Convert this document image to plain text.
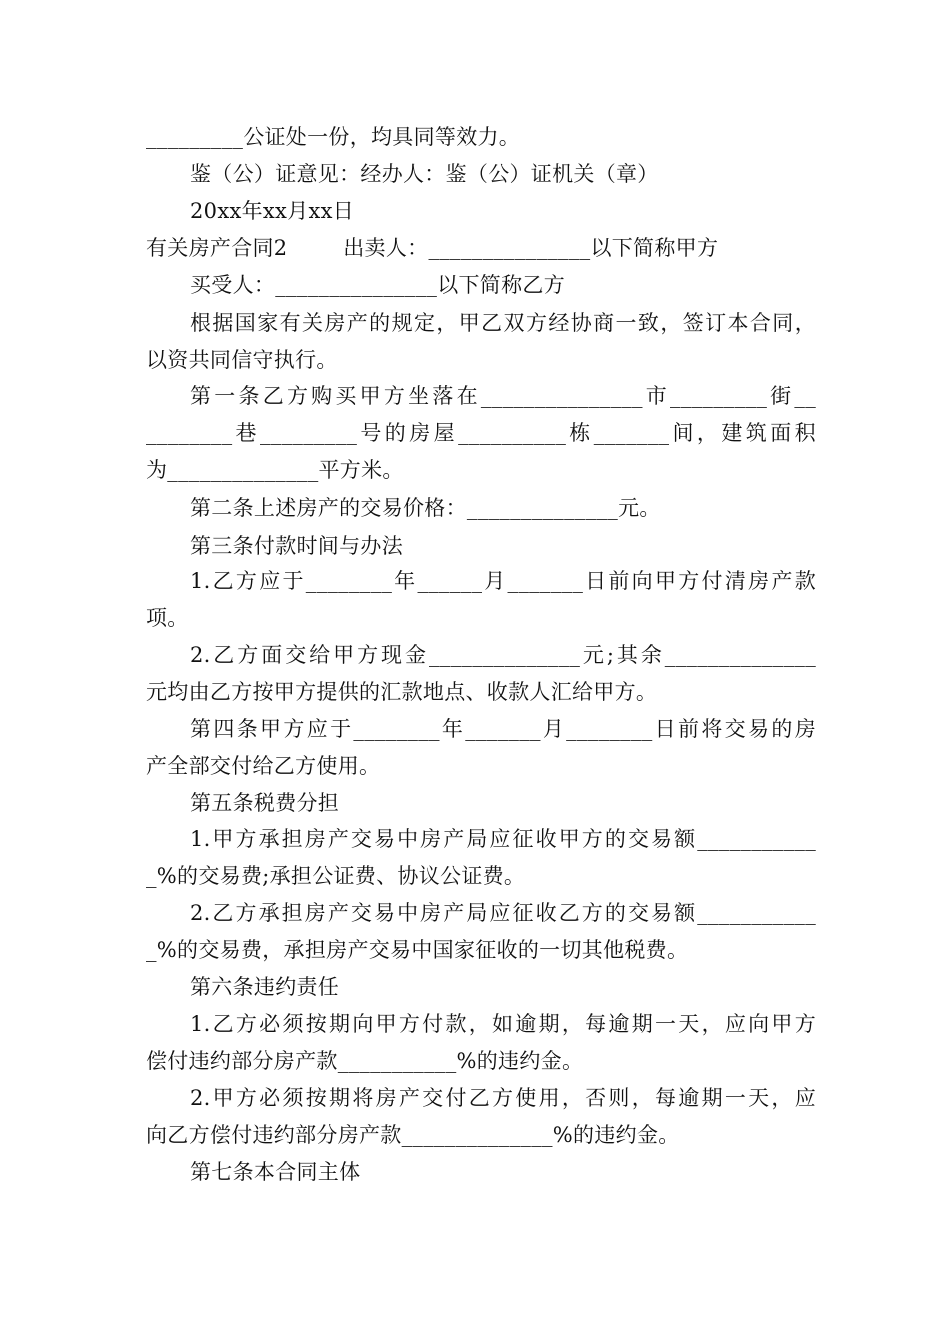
_________公证处一份，均具同等效力。
鉴（公）证意见：经办人：鉴（公）证机关（章）
20xx年xx月xx日
有关房产合同2        出卖人：_______________以下简称甲方
买受人：_______________以下简称乙方
根据国家有关房产的规定，甲乙双方经协商一致，签订本合同，
以资共同信守执行。
第一条乙方购买甲方坐落在_______________市_________街__
________巷_________号的房屋__________栋_______间，建筑面积
为______________平方米。
第二条上述房产的交易价格：______________元。
第三条付款时间与办法
1.乙方应于________年______月_______日前向甲方付清房产款
项。
2.乙方面交给甲方现金______________元;其余______________
元均由乙方按甲方提供的汇款地点、收款人汇给甲方。
第四条甲方应于________年_______月________日前将交易的房
产全部交付给乙方使用。
第五条税费分担
1.甲方承担房产交易中房产局应征收甲方的交易额___________
_%的交易费;承担公证费、协议公证费。
2.乙方承担房产交易中房产局应征收乙方的交易额___________
_%的交易费，承担房产交易中国家征收的一切其他税费。
第六条违约责任
1.乙方必须按期向甲方付款，如逾期，每逾期一天，应向甲方
偿付违约部分房产款___________%的违约金。
2.甲方必须按期将房产交付乙方使用，否则，每逾期一天，应
向乙方偿付违约部分房产款______________%的违约金。
第七条本合同主体
